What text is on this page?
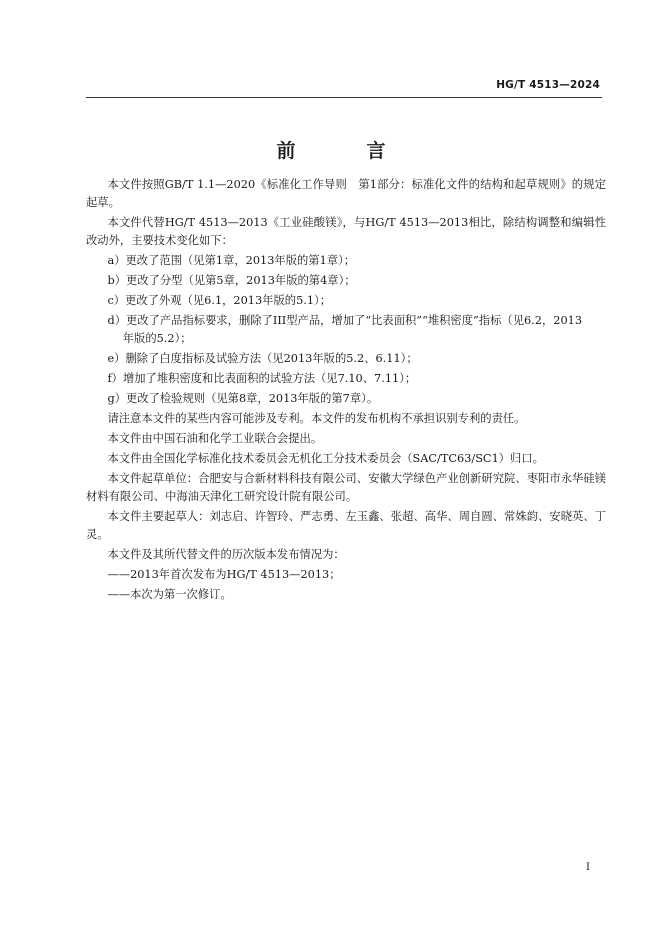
HG/T 4513—2024
前　言

本文件按照GB/T 1.1—2020《标准化工作导则　第1部分：标准化文件的结构和起草规则》的规定起草。

本文件代替HG/T 4513—2013《工业硅酸镁》，与HG/T 4513—2013相比，除结构调整和编辑性改动外，主要技术变化如下：

a）更改了范围（见第1章，2013年版的第1章）；
b）更改了分型（见第5章，2013年版的第4章）；
c）更改了外观（见6.1，2013年版的5.1）；
d）更改了产品指标要求，删除了III型产品，增加了“比表面积”“堆积密度”指标（见6.2，2013
年版的5.2）；
e）删除了白度指标及试验方法（见2013年版的5.2、6.11）；
f）增加了堆积密度和比表面积的试验方法（见7.10、7.11）；
g）更改了检验规则（见第8章，2013年版的第7章）。

请注意本文件的某些内容可能涉及专利。本文件的发布机构不承担识别专利的责任。

本文件由中国石油和化学工业联合会提出。

本文件由全国化学标准化技术委员会无机化工分技术委员会（SAC/TC63/SC1）归口。

本文件起草单位：合肥安与合新材料科技有限公司、安徽大学绿色产业创新研究院、枣阳市永华硅镁材料有限公司、中海油天津化工研究设计院有限公司。

本文件主要起草人：刘志启、许智玲、严志勇、左玉鑫、张超、高华、周自圆、常姝韵、安晓英、丁灵。

本文件及其所代替文件的历次版本发布情况为：

——2013年首次发布为HG/T 4513—2013；

——本次为第一次修订。

I
